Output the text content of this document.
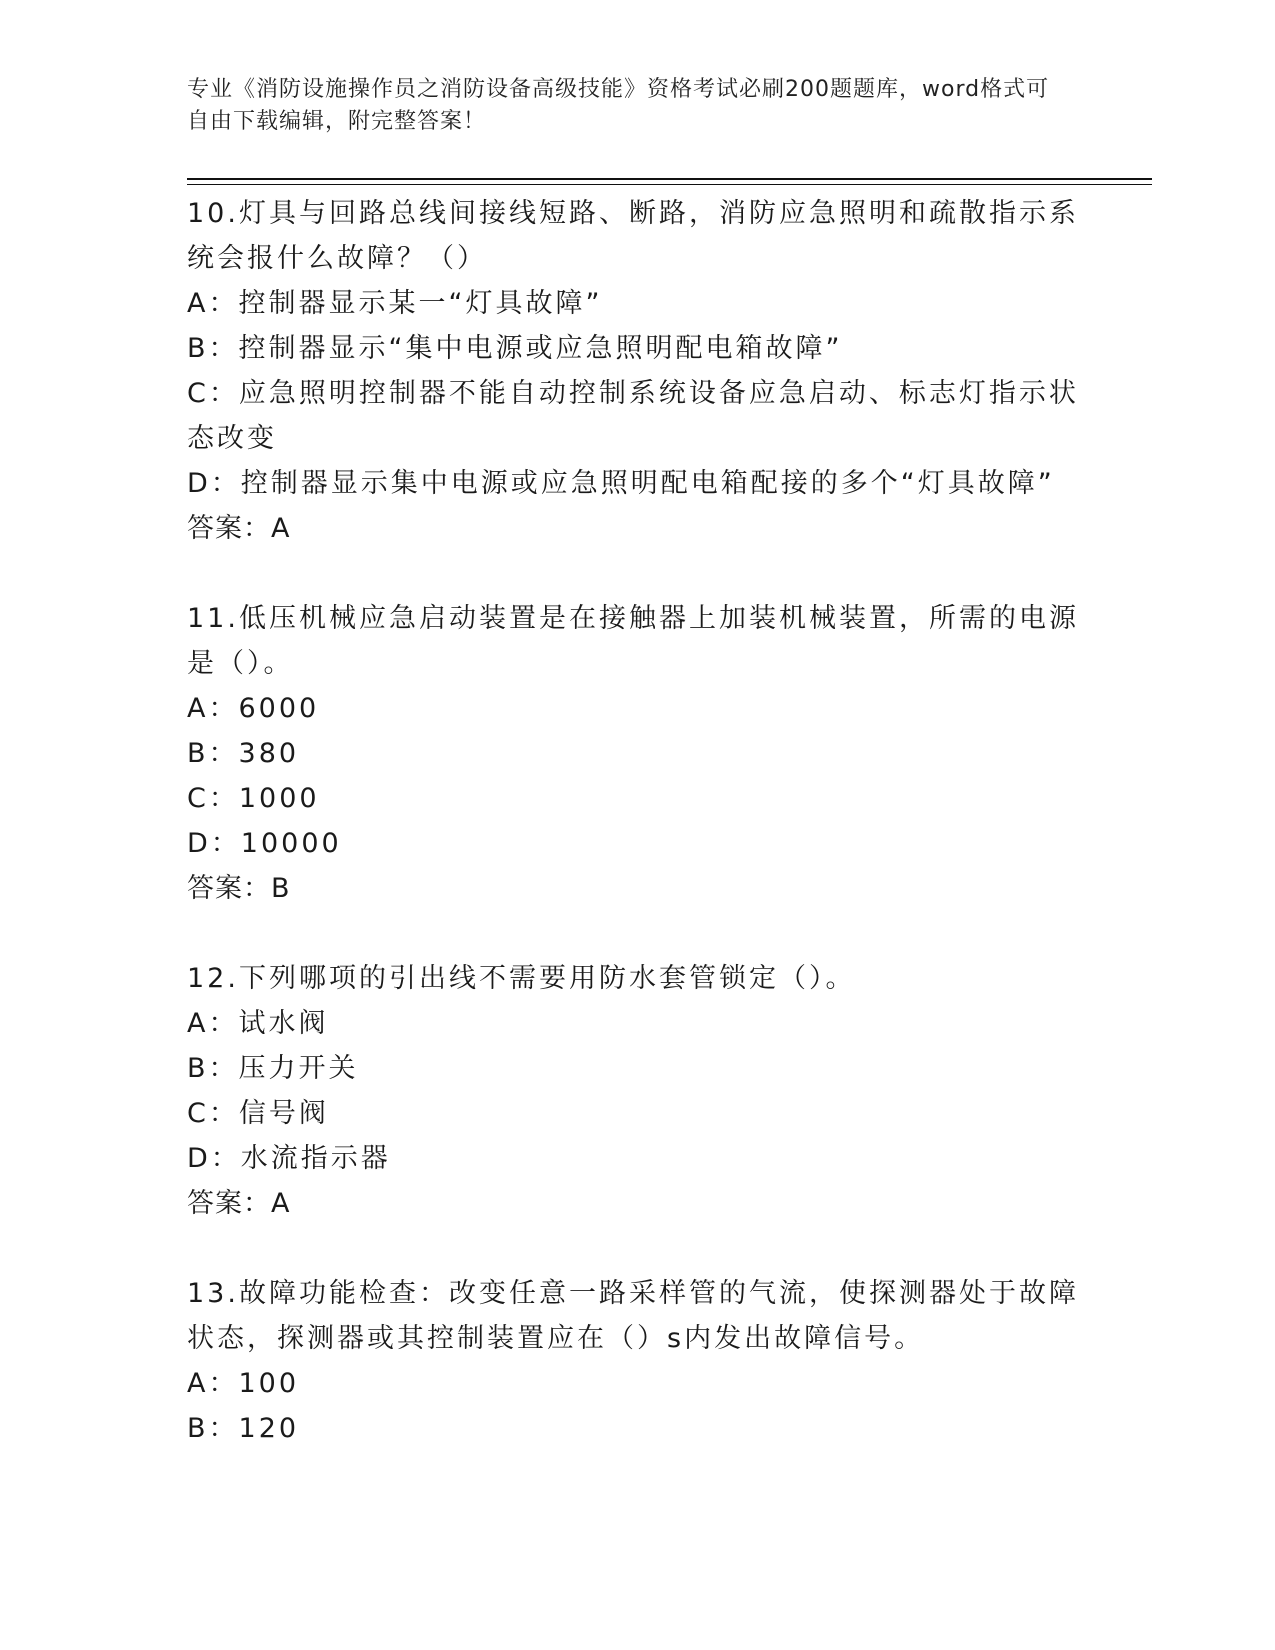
专业《消防设施操作员之消防设备高级技能》资格考试必刷200题题库，word格式可自由下载编辑，附完整答案！

10.灯具与回路总线间接线短路、断路，消防应急照明和疏散指示系统会报什么故障？（）

A：控制器显示某一“灯具故障”

B：控制器显示“集中电源或应急照明配电箱故障”

C：应急照明控制器不能自动控制系统设备应急启动、标志灯指示状态改变

D：控制器显示集中电源或应急照明配电箱配接的多个“灯具故障”

答案：A

11.低压机械应急启动装置是在接触器上加装机械装置，所需的电源是（）。

A：6000

B：380

C：1000

D：10000

答案：B

12.下列哪项的引出线不需要用防水套管锁定（）。

A：试水阀

B：压力开关

C：信号阀

D：水流指示器

答案：A

13.故障功能检查：改变任意一路采样管的气流，使探测器处于故障状态，探测器或其控制装置应在（）s内发出故障信号。

A：100

B：120
